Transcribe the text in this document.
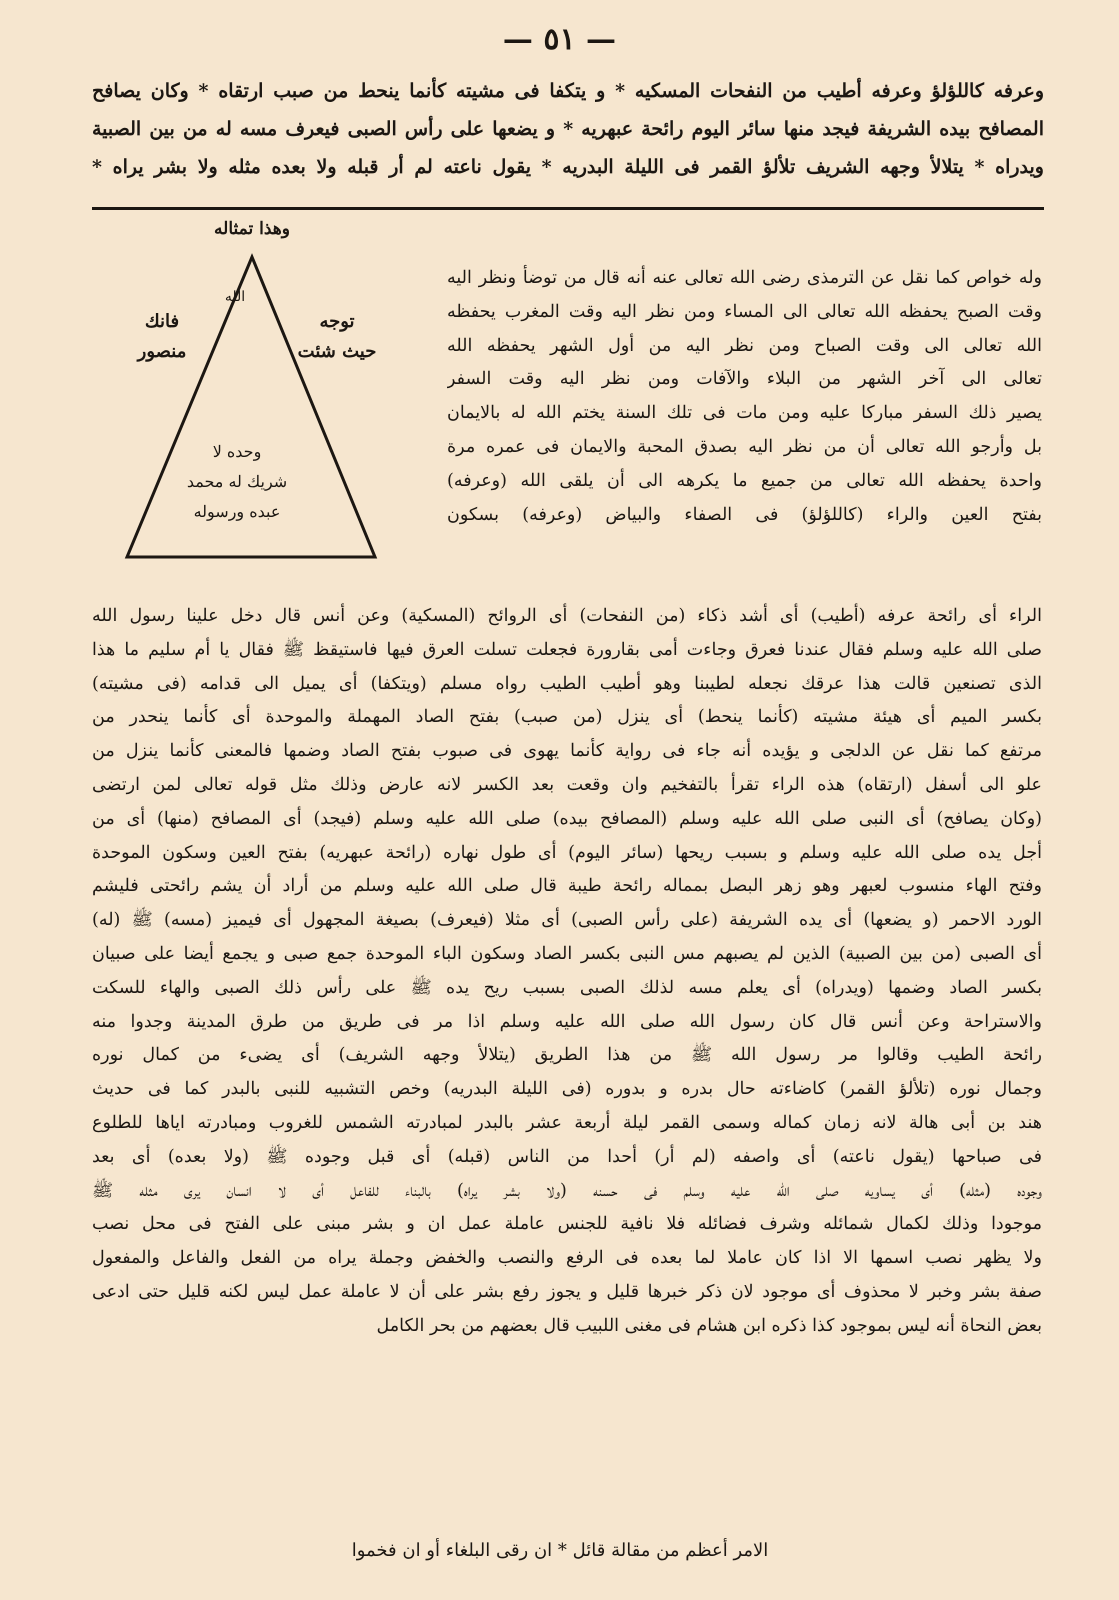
— ٥١ —
وعرفه كاللؤلؤ وعرفه أطيب من النفحات المسكيه * و يتكفا فى مشيته كأنما ينحط من صبب ارتقاه * وكان يصافح
المصافح بيده الشريفة فيجد منها سائر اليوم رائحة عبهريه * و يضعها على رأس الصبى فيعرف مسه له من بين الصبية
ويدراه * يتلالأ وجهه الشريف تلألؤ القمر فى الليلة البدريه * يقول ناعته لم أر قبله ولا بعده مثله ولا بشر يراه *
وهذا تمثاله
الله
توجه
حيث شئت
فانك
منصور
وحده لا
شريك له محمد
عبده ورسوله
وله خواص كما نقل عن الترمذى رضى الله تعالى عنه أنه قال من توضأ ونظر اليه
وقت الصبح يحفظه الله تعالى الى المساء ومن نظر اليه وقت المغرب يحفظه
الله تعالى الى وقت الصباح ومن نظر اليه من أول الشهر يحفظه الله
تعالى الى آخر الشهر من البلاء والآفات ومن نظر اليه وقت السفر
يصير ذلك السفر مباركا عليه ومن مات فى تلك السنة يختم الله له بالايمان
بل وأرجو الله تعالى أن من نظر اليه بصدق المحبة والايمان فى عمره مرة
واحدة يحفظه الله تعالى من جميع ما يكرهه الى أن يلقى الله (وعرفه)
بفتح العين والراء (كاللؤلؤ) فى الصفاء والبياض (وعرفه) بسكون
الراء أى رائحة عرفه (أطيب) أى أشد ذكاء (من النفحات) أى الروائح (المسكية) وعن أنس قال دخل علينا رسول الله
صلى الله عليه وسلم فقال عندنا فعرق وجاءت أمى بقارورة فجعلت تسلت العرق فيها فاستيقظ ﷺ فقال يا أم سليم ما هذا
الذى تصنعين قالت هذا عرقك نجعله لطيبنا وهو أطيب الطيب رواه مسلم (ويتكفا) أى يميل الى قدامه (فى مشيته)
بكسر الميم أى هيئة مشيته (كأنما ينحط) أى ينزل (من صبب) بفتح الصاد المهملة والموحدة أى كأنما ينحدر من
مرتفع كما نقل عن الدلجى و يؤيده أنه جاء فى رواية كأنما يهوى فى صبوب بفتح الصاد وضمها فالمعنى كأنما ينزل من
علو الى أسفل (ارتقاه) هذه الراء تقرأ بالتفخيم وان وقعت بعد الكسر لانه عارض وذلك مثل قوله تعالى لمن ارتضى
(وكان يصافح) أى النبى صلى الله عليه وسلم (المصافح بيده) صلى الله عليه وسلم (فيجد) أى المصافح (منها) أى من
أجل يده صلى الله عليه وسلم و بسبب ريحها (سائر اليوم) أى طول نهاره (رائحة عبهريه) بفتح العين وسكون الموحدة
وفتح الهاء منسوب لعبهر وهو زهر البصل بمماله رائحة طيبة قال صلى الله عليه وسلم من أراد أن يشم رائحتى فليشم
الورد الاحمر (و يضعها) أى يده الشريفة (على رأس الصبى) أى مثلا (فيعرف) بصيغة المجهول أى فيميز (مسه) ﷺ (له)
أى الصبى (من بين الصبية) الذين لم يصبهم مس النبى بكسر الصاد وسكون الباء الموحدة جمع صبى و يجمع أيضا على صبيان
بكسر الصاد وضمها (ويدراه) أى يعلم مسه لذلك الصبى بسبب ريح يده ﷺ على رأس ذلك الصبى والهاء للسكت
والاستراحة وعن أنس قال كان رسول الله صلى الله عليه وسلم اذا مر فى طريق من طرق المدينة وجدوا منه
رائحة الطيب وقالوا مر رسول الله ﷺ من هذا الطريق (يتلالأ وجهه الشريف) أى يضىء من كمال نوره
وجمال نوره (تلألؤ القمر) كاضاءته حال بدره و بدوره (فى الليلة البدريه) وخص التشبيه للنبى بالبدر كما فى حديث
هند بن أبى هالة لانه زمان كماله وسمى القمر ليلة أربعة عشر بالبدر لمبادرته الشمس للغروب ومبادرته اياها للطلوع
فى صباحها (يقول ناعته) أى واصفه (لم أر) أحدا من الناس (قبله) أى قبل وجوده ﷺ (ولا بعده) أى بعد
وجوده (مثله) أى يساويه صلى الله عليه وسلم فى حسنه (ولا بشر يراه) بالبناء للفاعل أى لا انسان يرى مثله ﷺ
موجودا وذلك لكمال شمائله وشرف فضائله فلا نافية للجنس عاملة عمل ان و بشر مبنى على الفتح فى محل نصب
ولا يظهر نصب اسمها الا اذا كان عاملا لما بعده فى الرفع والنصب والخفض وجملة يراه من الفعل والفاعل والمفعول
صفة بشر وخبر لا محذوف أى موجود لان ذكر خبرها قليل و يجوز رفع بشر على أن لا عاملة عمل ليس لكنه قليل حتى ادعى
بعض النحاة أنه ليس بموجود كذا ذكره ابن هشام فى مغنى اللبيب قال بعضهم من بحر الكامل
الامر أعظم من مقالة قائل * ان رقى البلغاء أو ان فخموا
